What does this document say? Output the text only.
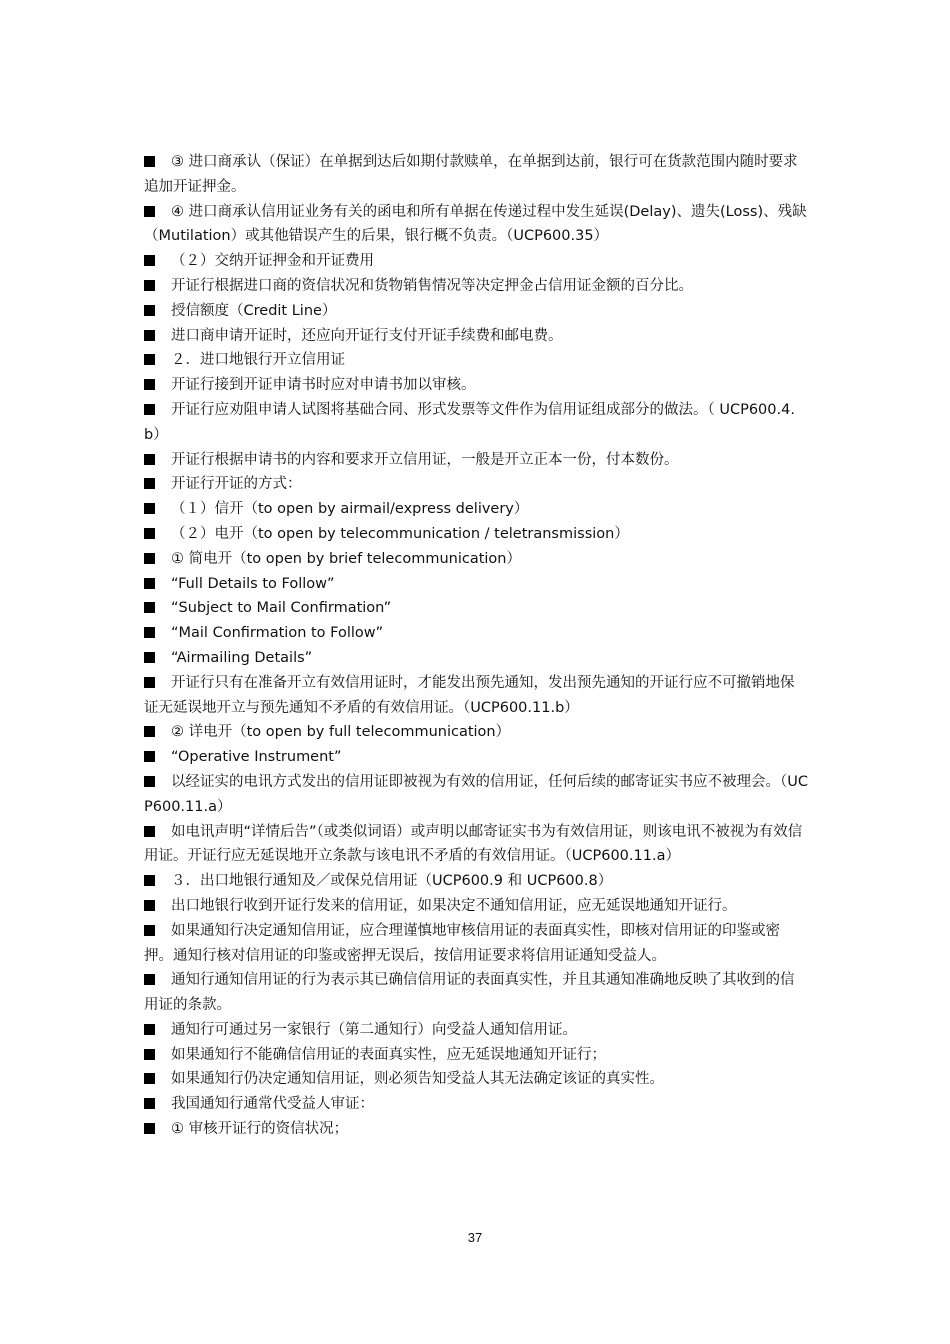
③ 进口商承认（保证）在单据到达后如期付款赎单，在单据到达前，银行可在货款范围内随时要求追加开证押金。

④ 进口商承认信用证业务有关的函电和所有单据在传递过程中发生延误(Delay)、遗失(Loss)、残缺（Mutilation）或其他错误产生的后果，银行概不负责。（UCP600.35）

（２）交纳开证押金和开证费用

开证行根据进口商的资信状况和货物销售情况等决定押金占信用证金额的百分比。

授信额度（Credit Line）

进口商申请开证时，还应向开证行支付开证手续费和邮电费。

２．进口地银行开立信用证

开证行接到开证申请书时应对申请书加以审核。

开证行应劝阻申请人试图将基础合同、形式发票等文件作为信用证组成部分的做法。（ UCP600.4.b）

开证行根据申请书的内容和要求开立信用证，一般是开立正本一份，付本数份。

开证行开证的方式：

（１）信开（to open by airmail/express delivery）

（２）电开（to open by telecommunication / teletransmission）

① 简电开（to open by brief telecommunication）

“Full Details to Follow”

“Subject to Mail Confirmation”

“Mail Confirmation to Follow”

“Airmailing Details”

开证行只有在准备开立有效信用证时，才能发出预先通知，发出预先通知的开证行应不可撤销地保证无延误地开立与预先通知不矛盾的有效信用证。（UCP600.11.b）

② 详电开（to open by full telecommunication）

“Operative Instrument”

以经证实的电讯方式发出的信用证即被视为有效的信用证，任何后续的邮寄证实书应不被理会。（UCP600.11.a）

如电讯声明“详情后告”（或类似词语）或声明以邮寄证实书为有效信用证，则该电讯不被视为有效信用证。开证行应无延误地开立条款与该电讯不矛盾的有效信用证。（UCP600.11.a）

３．出口地银行通知及／或保兑信用证（UCP600.9 和 UCP600.8）

出口地银行收到开证行发来的信用证，如果决定不通知信用证，应无延误地通知开证行。

如果通知行决定通知信用证，应合理谨慎地审核信用证的表面真实性，即核对信用证的印鉴或密押。通知行核对信用证的印鉴或密押无误后，按信用证要求将信用证通知受益人。

通知行通知信用证的行为表示其已确信信用证的表面真实性，并且其通知准确地反映了其收到的信用证的条款。

通知行可通过另一家银行（第二通知行）向受益人通知信用证。

如果通知行不能确信信用证的表面真实性，应无延误地通知开证行；

如果通知行仍决定通知信用证，则必须告知受益人其无法确定该证的真实性。

我国通知行通常代受益人审证：

① 审核开证行的资信状况；

37
